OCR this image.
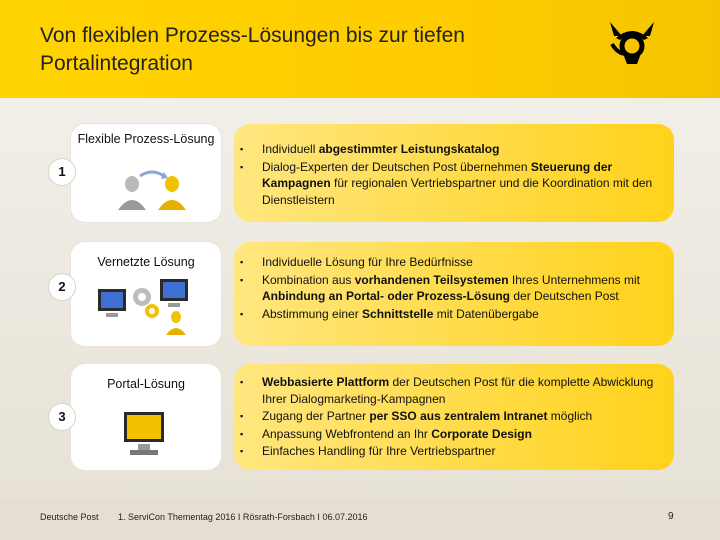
Von flexiblen Prozess-Lösungen bis zur tiefen Portalintegration
Flexible Prozess-Lösung
1
▪ Individuell abgestimmter Leistungskatalog
▪ Dialog-Experten der Deutschen Post übernehmen Steuerung der Kampagnen für regionalen Vertriebspartner und die Koordination mit den Dienstleistern
Vernetzte Lösung
2
▪ Individuelle Lösung für Ihre Bedürfnisse
▪ Kombination aus vorhandenen Teilsystemen Ihres Unternehmens mit Anbindung an Portal- oder Prozess-Lösung der Deutschen Post
▪ Abstimmung einer Schnittstelle mit Datenübergabe
Portal-Lösung
3
▪ Webbasierte Plattform der Deutschen Post für die komplette Abwicklung Ihrer Dialogmarketing-Kampagnen
▪ Zugang der Partner per SSO aus zentralem Intranet möglich
▪ Anpassung Webfrontend an Ihr Corporate Design
▪ Einfaches Handling für Ihre Vertriebspartner
Deutsche Post 1. ServiCon Thementag 2016 I Rösrath-Forsbach I 06.07.2016	9
